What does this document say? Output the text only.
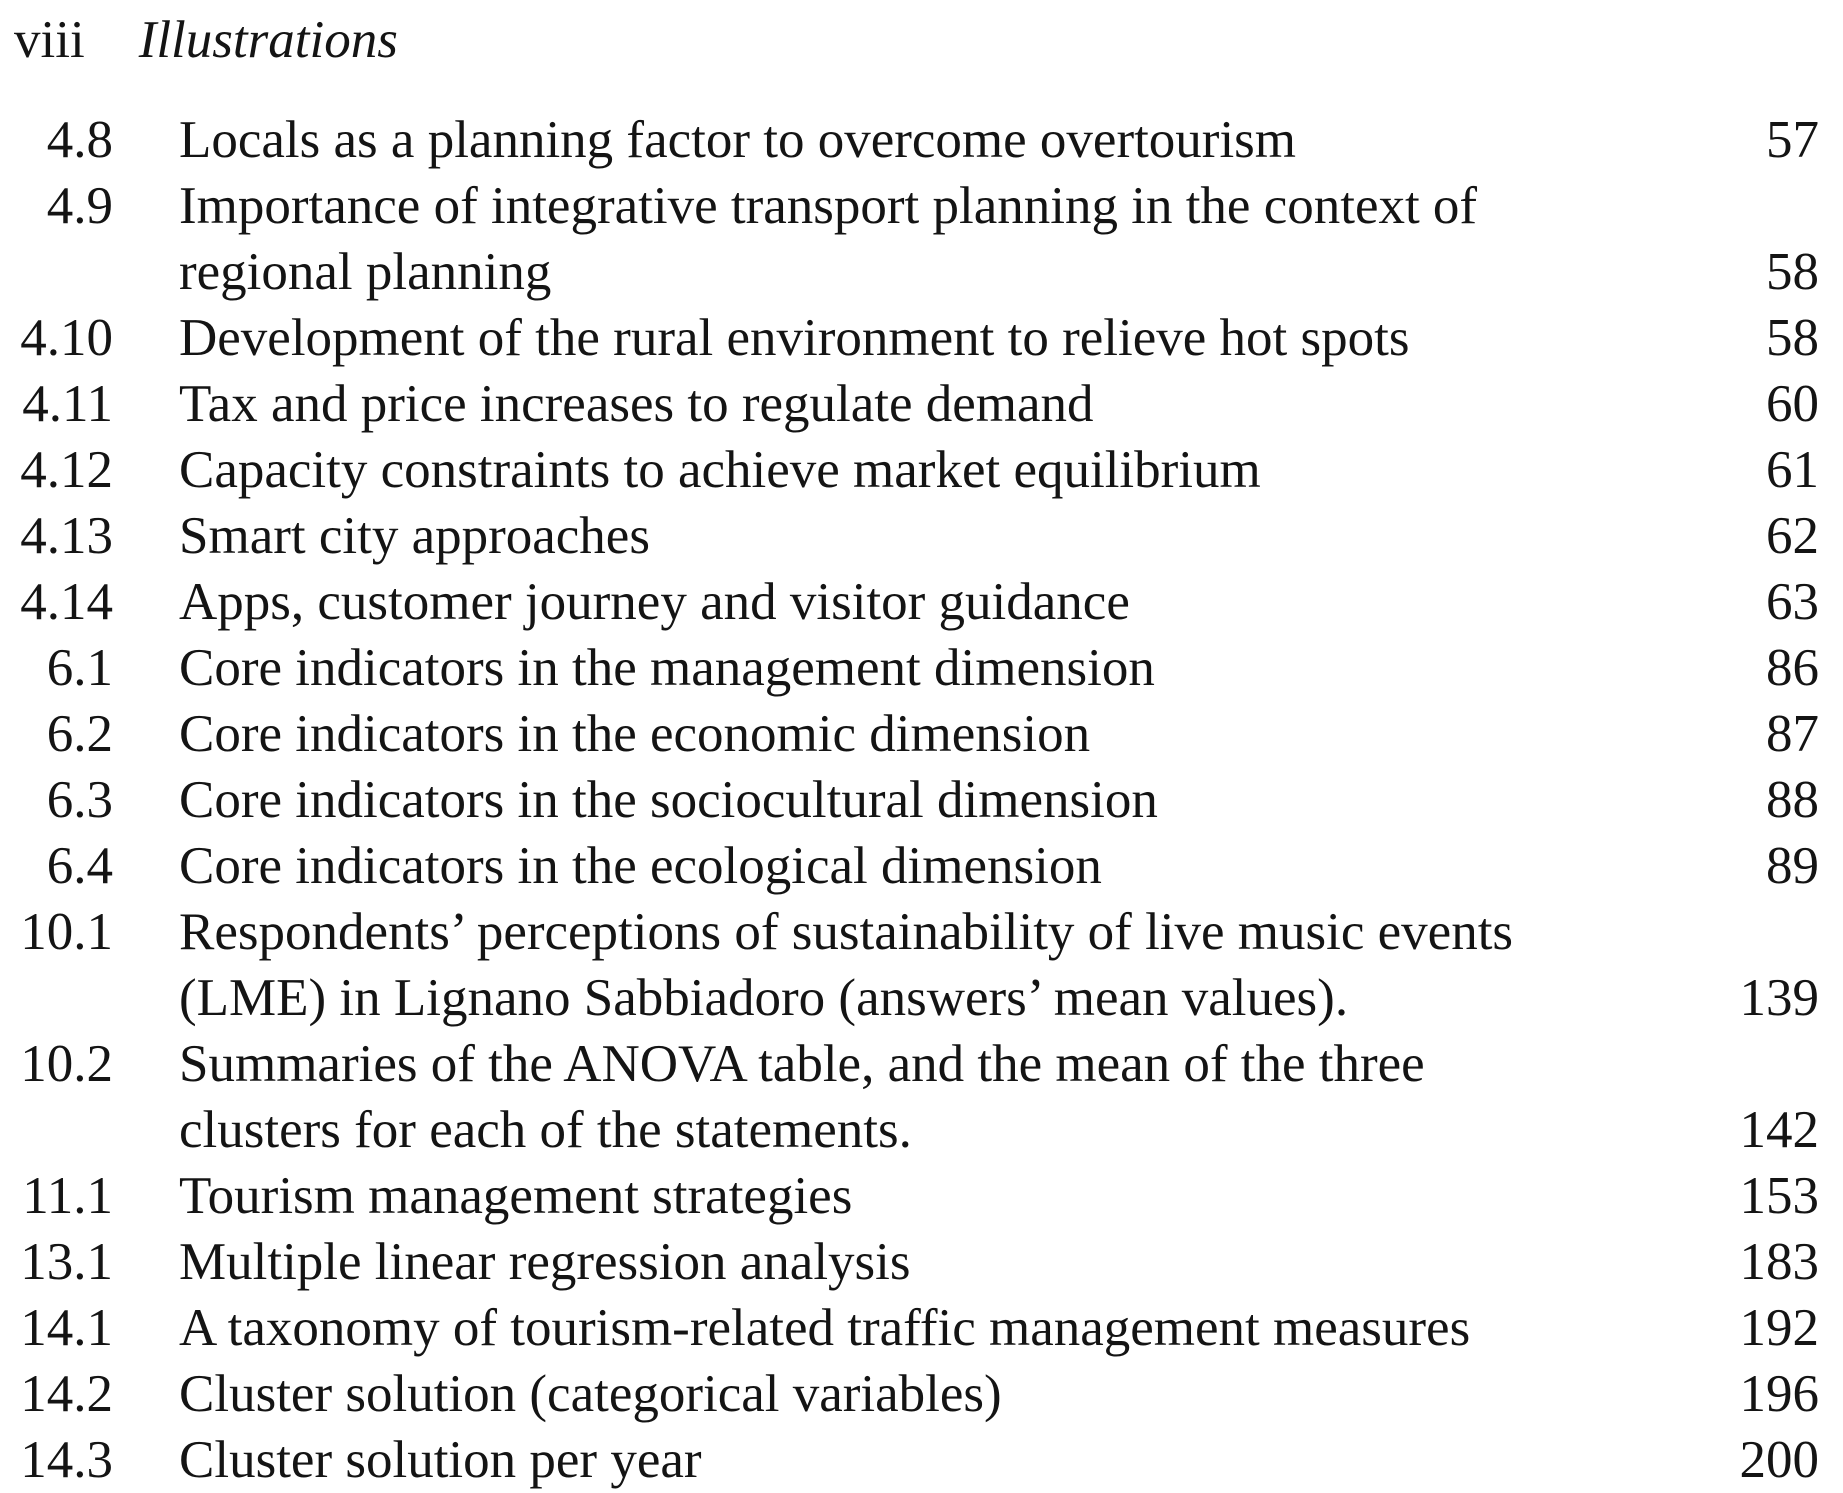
viii Illustrations
4.8 Locals as a planning factor to overcome overtourism	57
4.9 Importance of integrative transport planning in the context of
regional planning	58
4.10 Development of the rural environment to relieve hot spots	58
4.11 Tax and price increases to regulate demand	60
4.12 Capacity constraints to achieve market equilibrium	61
4.13 Smart city approaches	62
4.14 Apps, customer journey and visitor guidance	63
6.1 Core indicators in the management dimension	86
6.2 Core indicators in the economic dimension	87
6.3 Core indicators in the sociocultural dimension	88
6.4 Core indicators in the ecological dimension	89
10.1 Respondents’ perceptions of sustainability of live music events
(LME) in Lignano Sabbiadoro (answers’ mean values).	139
10.2 Summaries of the ANOVA table, and the mean of the three
clusters for each of the statements.	142
11.1 Tourism management strategies	153
13.1 Multiple linear regression analysis	183
14.1 A taxonomy of tourism-related traffic management measures	192
14.2 Cluster solution (categorical variables)	196
14.3 Cluster solution per year	200
